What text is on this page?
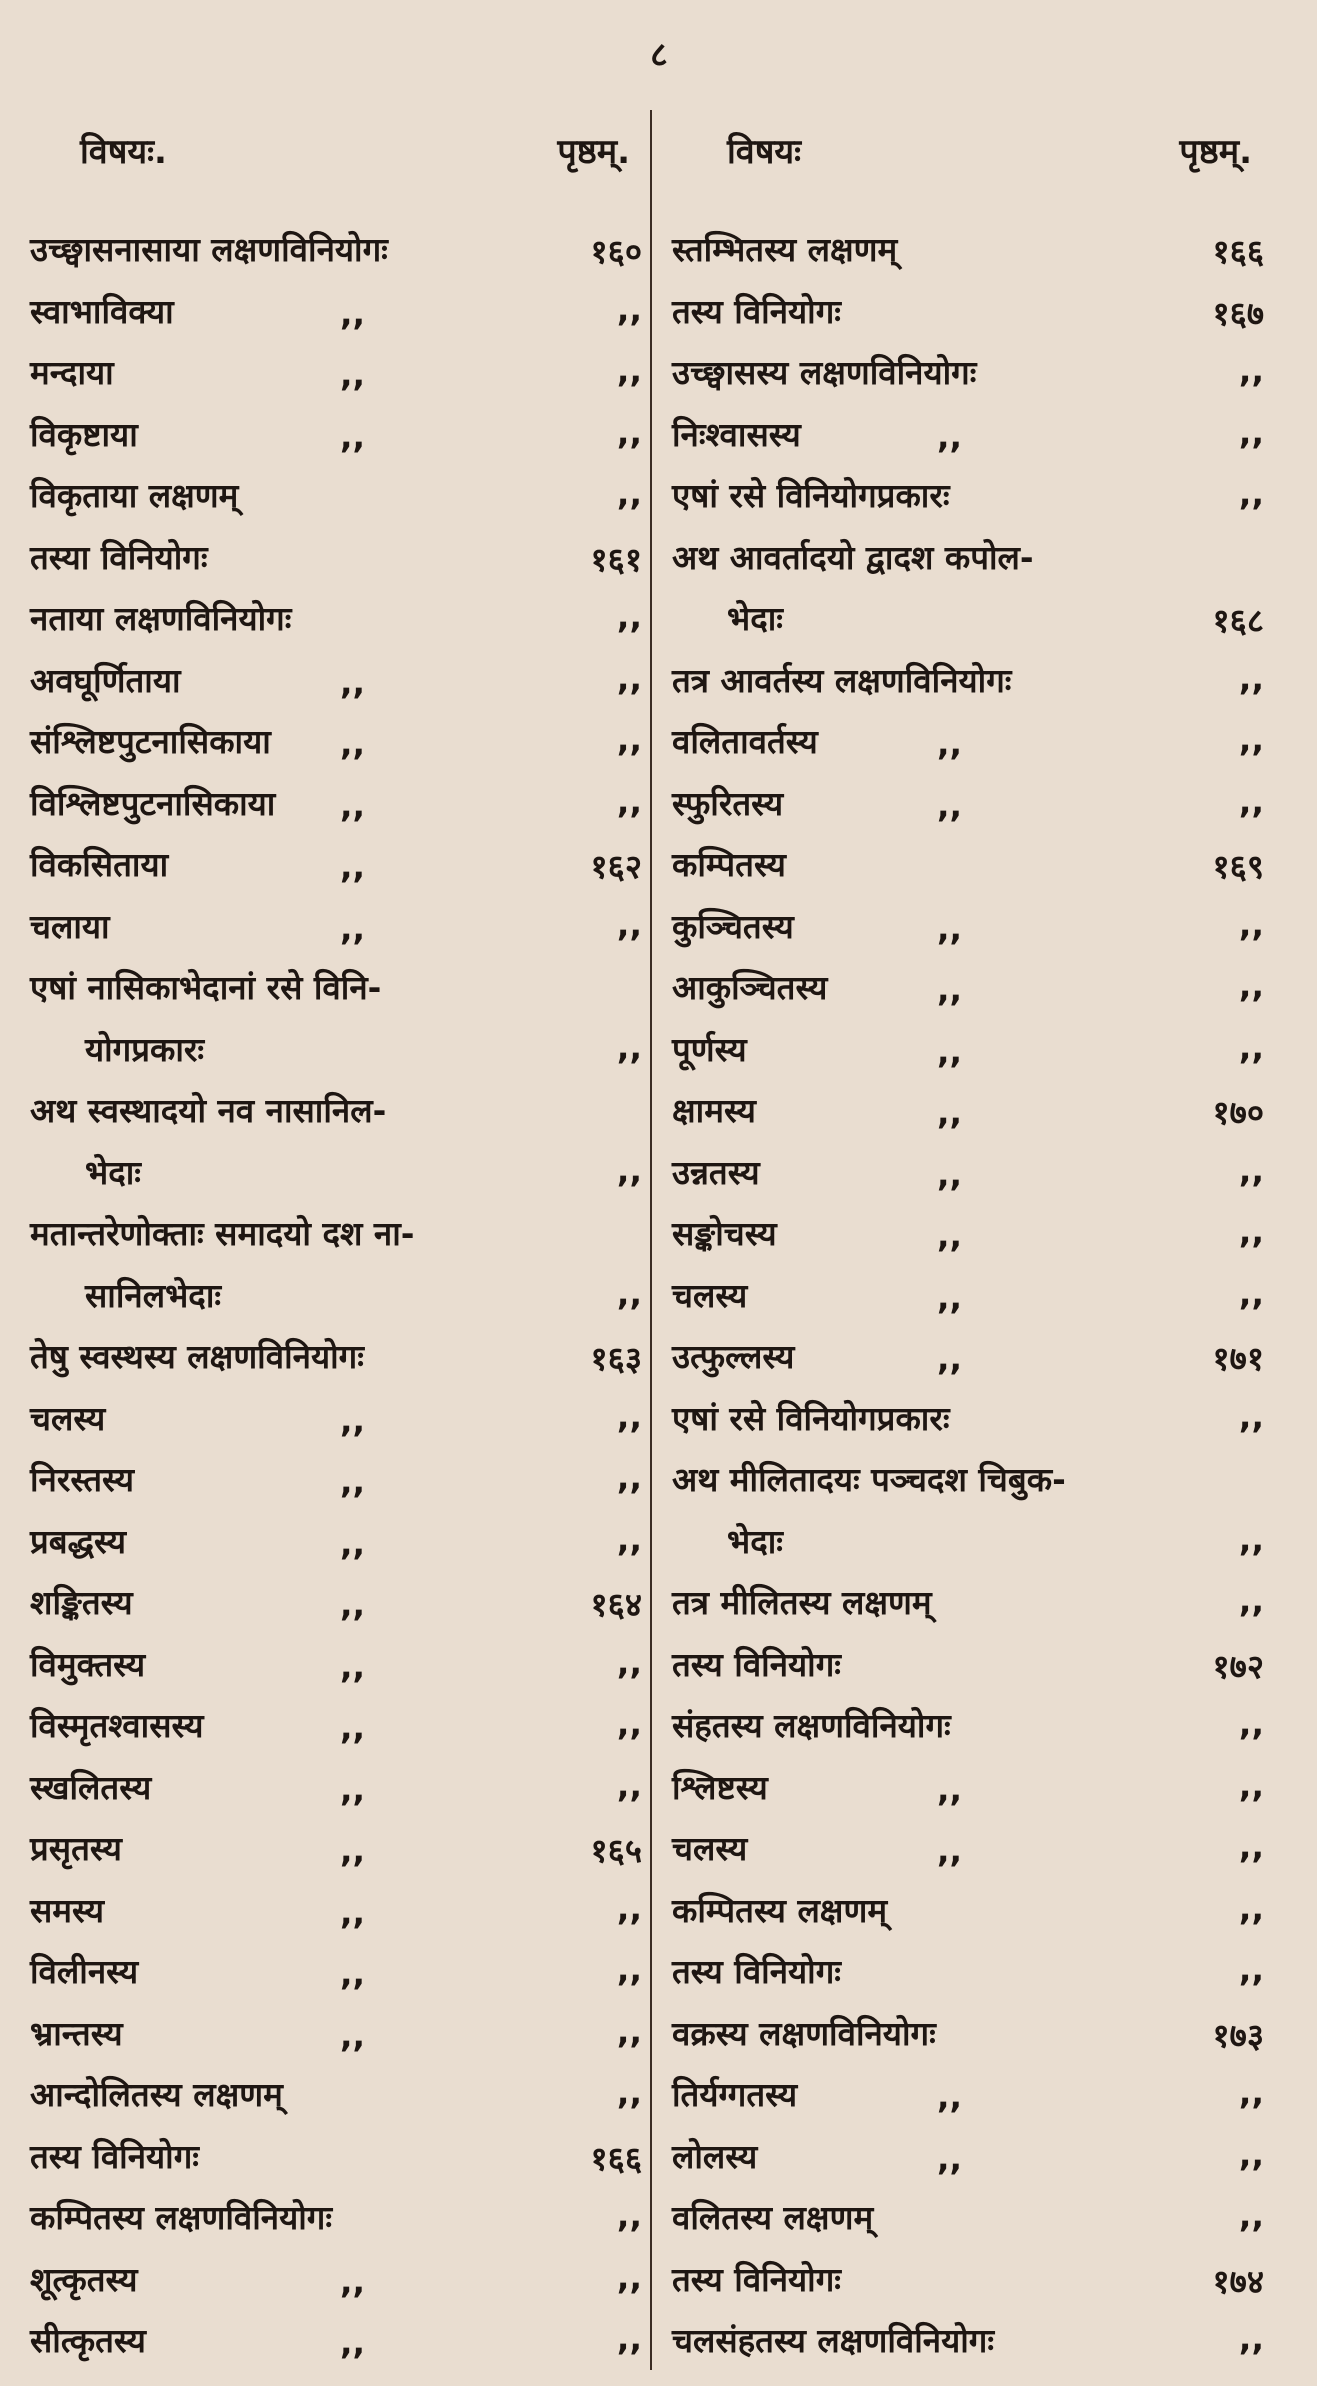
८
विषयः.	पृष्ठम्.
उच्छ्वासनासाया लक्षणविनियोगः	१६०
स्वाभाविक्या	,,	,,
मन्दाया	,,	,,
विकृष्टाया	,,	,,
विकृताया लक्षणम्	,,
तस्या विनियोगः	१६१
नताया लक्षणविनियोगः	,,
अवघूर्णिताया	,,	,,
संश्लिष्टपुटनासिकाया ,,	,,
विश्लिष्टपुटनासिकाया ,,	,,
विकसिताया	,,	१६२
चलाया	,,	,,
एषां नासिकाभेदानां रसे विनि-
योगप्रकारः	,,
अथ स्वस्थादयो नव नासानिल-
भेदाः	,,
मतान्तरेणोक्ताः समादयो दश ना-
सानिलभेदाः	,,
तेषु स्वस्थस्य लक्षणविनियोगः	१६३
चलस्य	,,	,,
निरस्तस्य	,,	,,
प्रबद्धस्य	,,	,,
शङ्कितस्य	,,	१६४
विमुक्तस्य	,,	,,
विस्मृतश्वासस्य	,,	,,
स्खलितस्य	,,	,,
प्रसृतस्य	,,	१६५
समस्य	,,	,,
विलीनस्य	,,	,,
भ्रान्तस्य	,,	,,
आन्दोलितस्य लक्षणम्	,,
तस्य विनियोगः	१६६
कम्पितस्य लक्षणविनियोगः	,,
शूत्कृतस्य	,,	,,
सीत्कृतस्य	,,	,,
विषयः	पृष्ठम्.
स्तम्भितस्य लक्षणम्	१६६
तस्य विनियोगः	१६७
उच्छ्वासस्य लक्षणविनियोगः	,,
निःश्वासस्य	,,	,,
एषां रसे विनियोगप्रकारः	,,
अथ आवर्तादयो द्वादश कपोल-
भेदाः	१६८
तत्र आवर्तस्य लक्षणविनियोगः	,,
वलितावर्तस्य	,,	,,
स्फुरितस्य	,,	,,
कम्पितस्य	१६९
कुञ्चितस्य	,,	,,
आकुञ्चितस्य	,,	,,
पूर्णस्य	,,	,,
क्षामस्य	,,	१७०
उन्नतस्य	,,	,,
सङ्कोचस्य	,,	,,
चलस्य	,,	,,
उत्फुल्लस्य	,,	१७१
एषां रसे विनियोगप्रकारः	,,
अथ मीलितादयः पञ्चदश चिबुक-
भेदाः	,,
तत्र मीलितस्य लक्षणम्	,,
तस्य विनियोगः	१७२
संहतस्य लक्षणविनियोगः	,,
श्लिष्टस्य	,,	,,
चलस्य	,,	,,
कम्पितस्य लक्षणम्	,,
तस्य विनियोगः	,,
वक्रस्य लक्षणविनियोगः	१७३
तिर्यग्गतस्य	,,	,,
लोलस्य	,,	,,
वलितस्य लक्षणम्	,,
तस्य विनियोगः	१७४
चलसंहतस्य लक्षणविनियोगः	,,
